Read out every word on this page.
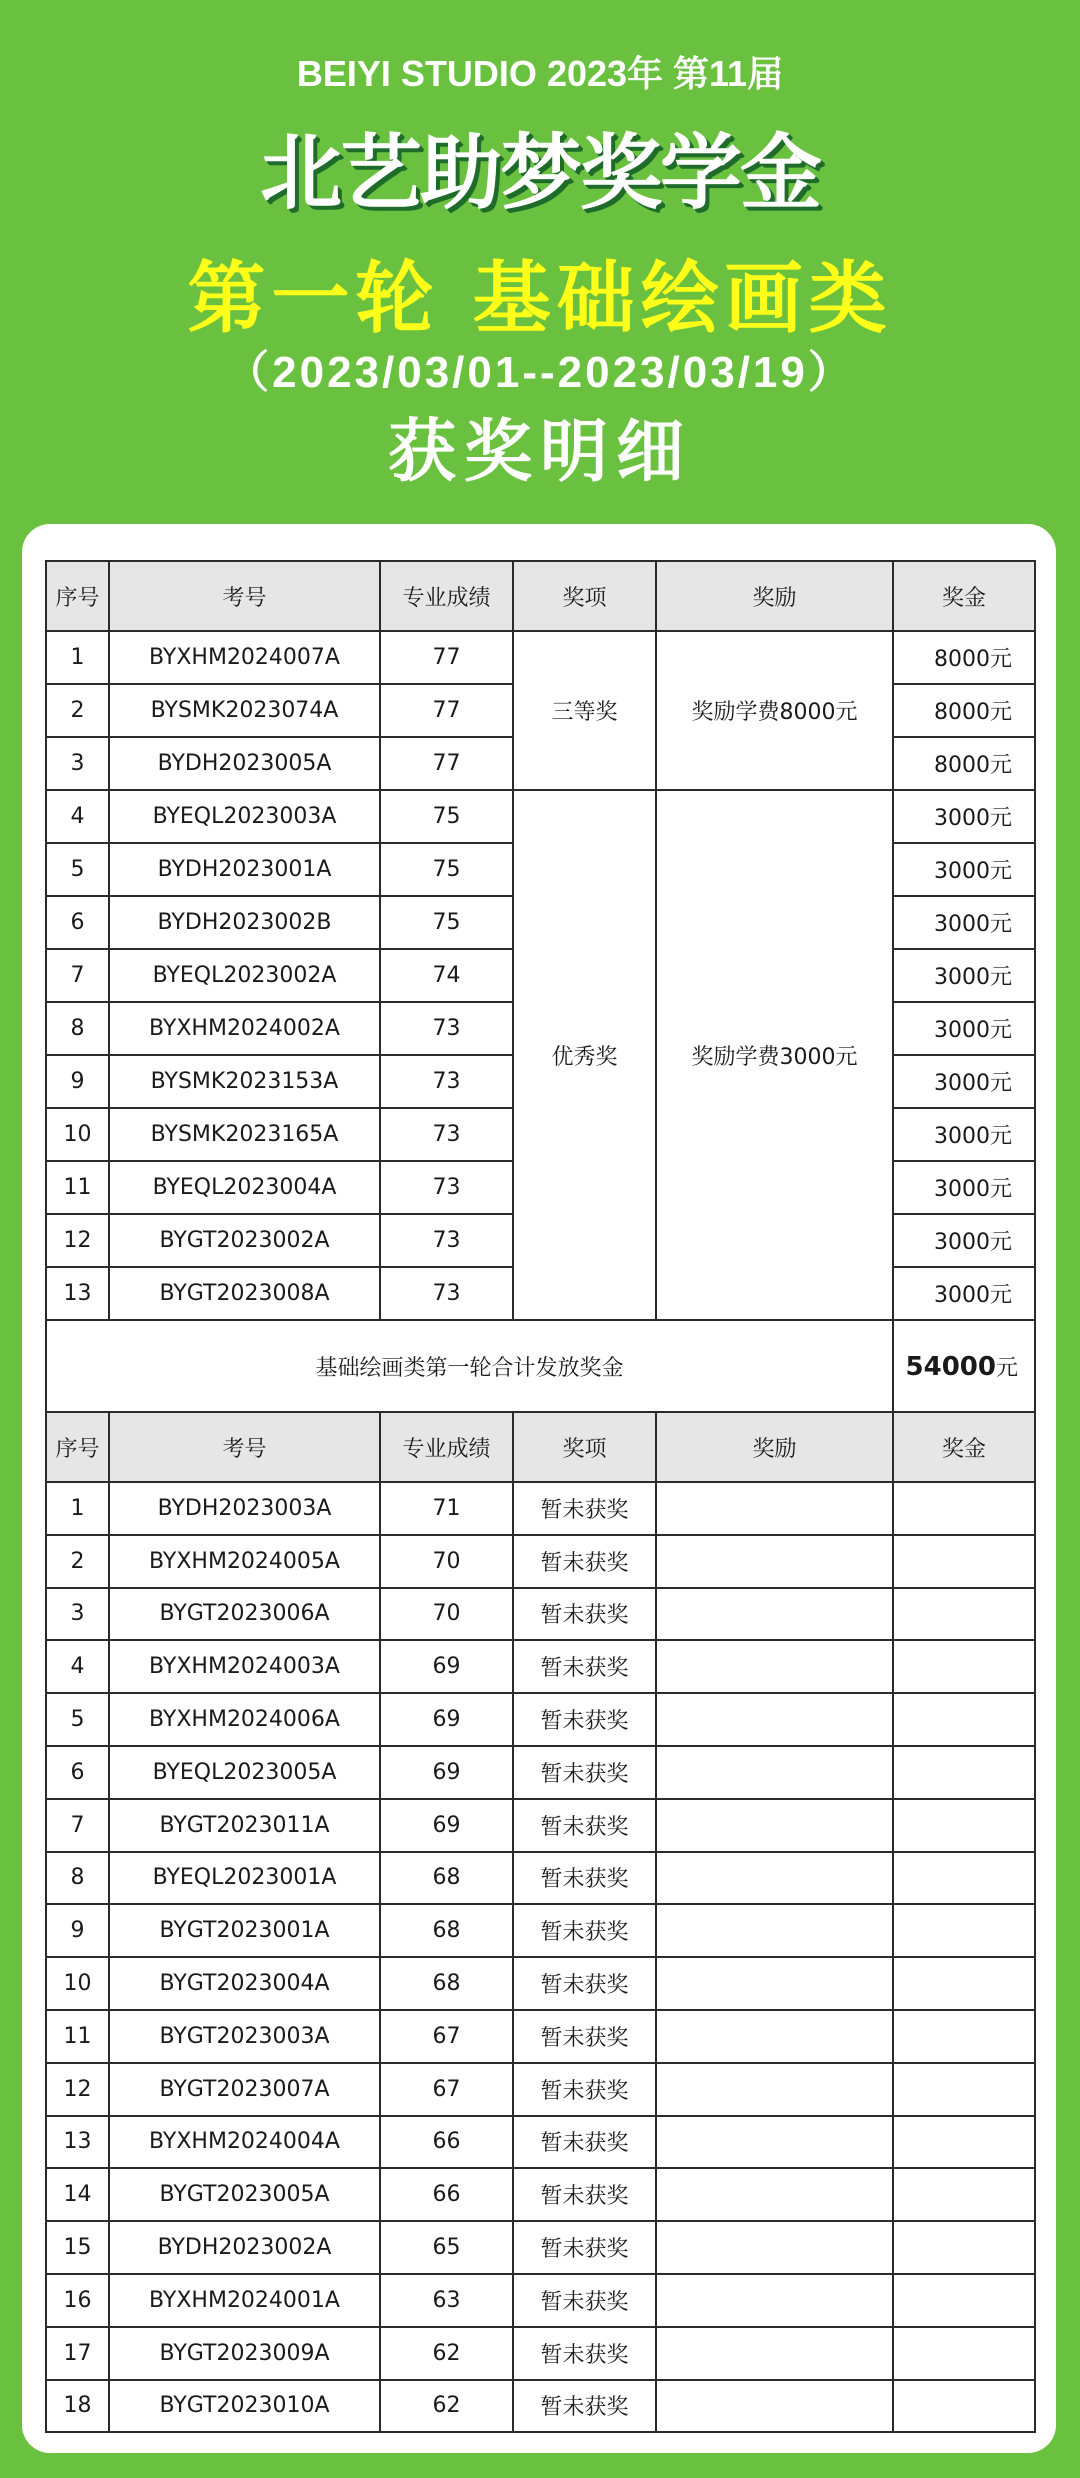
BEIYI STUDIO 2023年 第11届
北艺助梦奖学金
第一轮 基础绘画类
（2023/03/01--2023/03/19）
获奖明细
序号	考号	专业成绩	奖项	奖励	奖金
1	BYXHM2024007A	77	三等奖	奖励学费8000元	8000元
2	BYSMK2023074A	77			8000元
3	BYDH2023005A	77			8000元
4	BYEQL2023003A	75	优秀奖	奖励学费3000元	3000元
5	BYDH2023001A	75			3000元
6	BYDH2023002B	75			3000元
7	BYEQL2023002A	74			3000元
8	BYXHM2024002A	73			3000元
9	BYSMK2023153A	73			3000元
10	BYSMK2023165A	73			3000元
11	BYEQL2023004A	73			3000元
12	BYGT2023002A	73			3000元
13	BYGT2023008A	73			3000元
基础绘画类第一轮合计发放奖金					54000元
序号	考号	专业成绩	奖项	奖励	奖金
1	BYDH2023003A	71	暂未获奖		
2	BYXHM2024005A	70	暂未获奖		
3	BYGT2023006A	70	暂未获奖		
4	BYXHM2024003A	69	暂未获奖		
5	BYXHM2024006A	69	暂未获奖		
6	BYEQL2023005A	69	暂未获奖		
7	BYGT2023011A	69	暂未获奖		
8	BYEQL2023001A	68	暂未获奖		
9	BYGT2023001A	68	暂未获奖		
10	BYGT2023004A	68	暂未获奖		
11	BYGT2023003A	67	暂未获奖		
12	BYGT2023007A	67	暂未获奖		
13	BYXHM2024004A	66	暂未获奖		
14	BYGT2023005A	66	暂未获奖		
15	BYDH2023002A	65	暂未获奖		
16	BYXHM2024001A	63	暂未获奖		
17	BYGT2023009A	62	暂未获奖		
18	BYGT2023010A	62	暂未获奖		
